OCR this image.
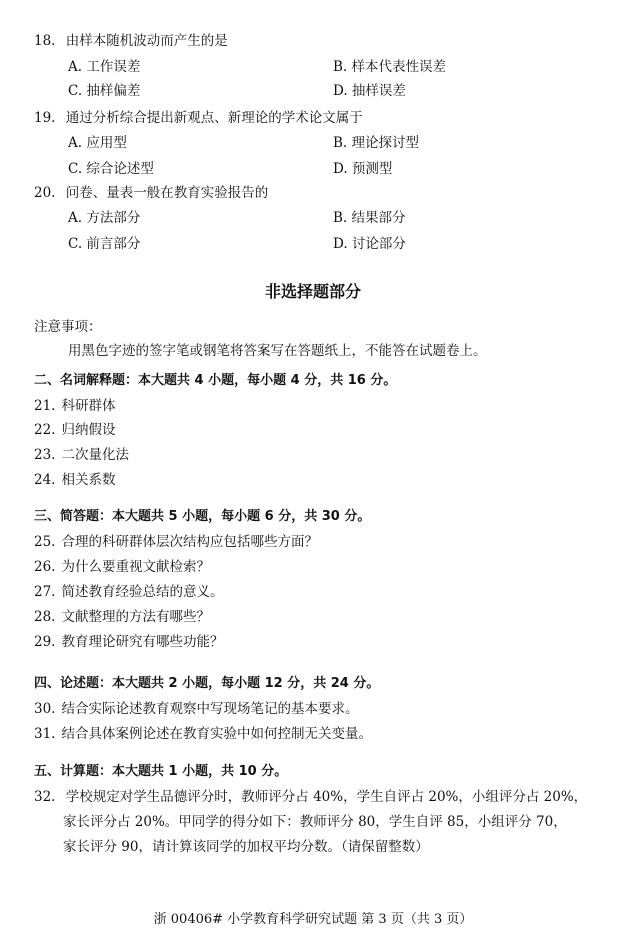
18. 由样本随机波动而产生的是
A. 工作误差	B. 样本代表性误差
C. 抽样偏差	D. 抽样误差
19. 通过分析综合提出新观点、新理论的学术论文属于
A. 应用型	B. 理论探讨型
C. 综合论述型	D. 预测型
20. 问卷、量表一般在教育实验报告的
A. 方法部分	B. 结果部分
C. 前言部分	D. 讨论部分
非选择题部分
注意事项：
用黑色字迹的签字笔或钢笔将答案写在答题纸上，不能答在试题卷上。
二、名词解释题：本大题共 4 小题，每小题 4 分，共 16 分。
21. 科研群体
22. 归纳假设
23. 二次量化法
24. 相关系数
三、简答题：本大题共 5 小题，每小题 6 分，共 30 分。
25. 合理的科研群体层次结构应包括哪些方面？
26. 为什么要重视文献检索？
27. 简述教育经验总结的意义。
28. 文献整理的方法有哪些？
29. 教育理论研究有哪些功能？
四、论述题：本大题共 2 小题，每小题 12 分，共 24 分。
30. 结合实际论述教育观察中写现场笔记的基本要求。
31. 结合具体案例论述在教育实验中如何控制无关变量。
五、计算题：本大题共 1 小题，共 10 分。
32. 学校规定对学生品德评分时，教师评分占 40%，学生自评占 20%，小组评分占 20%，
家长评分占 20%。甲同学的得分如下：教师评分 80，学生自评 85，小组评分 70，
家长评分 90，请计算该同学的加权平均分数。（请保留整数）
浙 00406# 小学教育科学研究试题 第 3 页（共 3 页）
